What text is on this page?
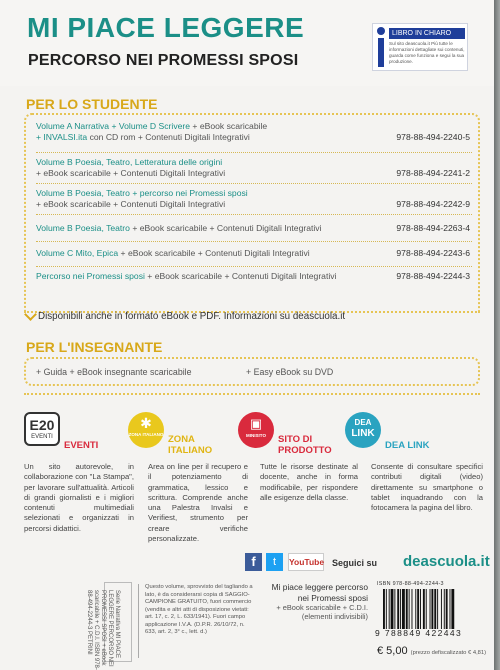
MI PIACE LEGGERE
PERCORSO NEI PROMESSI SPOSI
LIBRO IN CHIARO
Sul sito deascuola.it Più tutte le informazioni dettagliate sui contenuti, guarda come funziona e segui la sua produzione.
PER LO STUDENTE
Volume A Narrativa + Volume D Scrivere + eBook scaricabile
+ INVALSI.ita con CD rom + Contenuti Digitali Integrativi	978-88-494-2240-5
Volume B Poesia, Teatro, Letteratura delle origini
+ eBook scaricabile + Contenuti Digitali Integrativi	978-88-494-2241-2
Volume B Poesia, Teatro + percorso nei Promessi sposi
+ eBook scaricabile + Contenuti Digitali Integrativi	978-88-494-2242-9
Volume B Poesia, Teatro + eBook scaricabile + Contenuti Digitali Integrativi	978-88-494-2263-4
Volume C Mito, Epica + eBook scaricabile + Contenuti Digitali Integrativi	978-88-494-2243-6
Percorso nei Promessi sposi + eBook scaricabile + Contenuti Digitali Integrativi	978-88-494-2244-3
Disponibili anche in formato eBook e PDF. Informazioni su deascuola.it
PER L'INSEGNANTE
+ Guida + eBook insegnante scaricabile	+ Easy eBook su DVD
E20
EVENTI
EVENTI
Un sito autorevole, in collaborazione con "La Stampa", per lavorare sull'attualità. Articoli di grandi giornalisti e i migliori contenuti multimediali selezionati e organizzati in percorsi didattici.
✱
ZONA ITALIANO ZONA ITALIANO
Area on line per il recupero e il potenziamento di grammatica, lessico e scrittura. Comprende anche una Palestra Invalsi e Verifiest, strumento per creare verifiche personalizzate.
▣
MINISITO	SITO DI PRODOTTO
Tutte le risorse destinate al docente, anche in forma modificabile, per rispondere alle esigenze della classe.
DEA
LINK
DEA LINK
Consente di consultare specifici contributi digitali (video) direttamente su smartphone o tablet inquadrando con la fotocamera la pagina del libro.
f	t	YouTube Seguici su deascuola.it
Serie Narrativa MI PIACE LEGGERE PERCORSO NEI PROMESSI SPOSI + eBook scaricabile + C.D.I. ISBN 978-88-494-2244-3 PETRINI
Questo volume, sprovvisto del tagliando a lato, è da considerarsi copia di SAGGIO-CAMPIONE GRATUITO, fuori commercio (vendita e altri atti di disposizione vietati: art. 17, c. 2, L. 633/1941). Fuori campo applicazione I.V.A. (D.P.R. 26/10/72, n. 633, art. 2, 3° c., lett. d.)
Mi piace leggere percorso nei Promessi sposi
+ eBook scaricabile + C.D.I. (elementi indivisibili)
ISBN 978-88-494-2244-3
9 788849 422443
€ 5,00 (prezzo defiscalizzato € 4,81)
